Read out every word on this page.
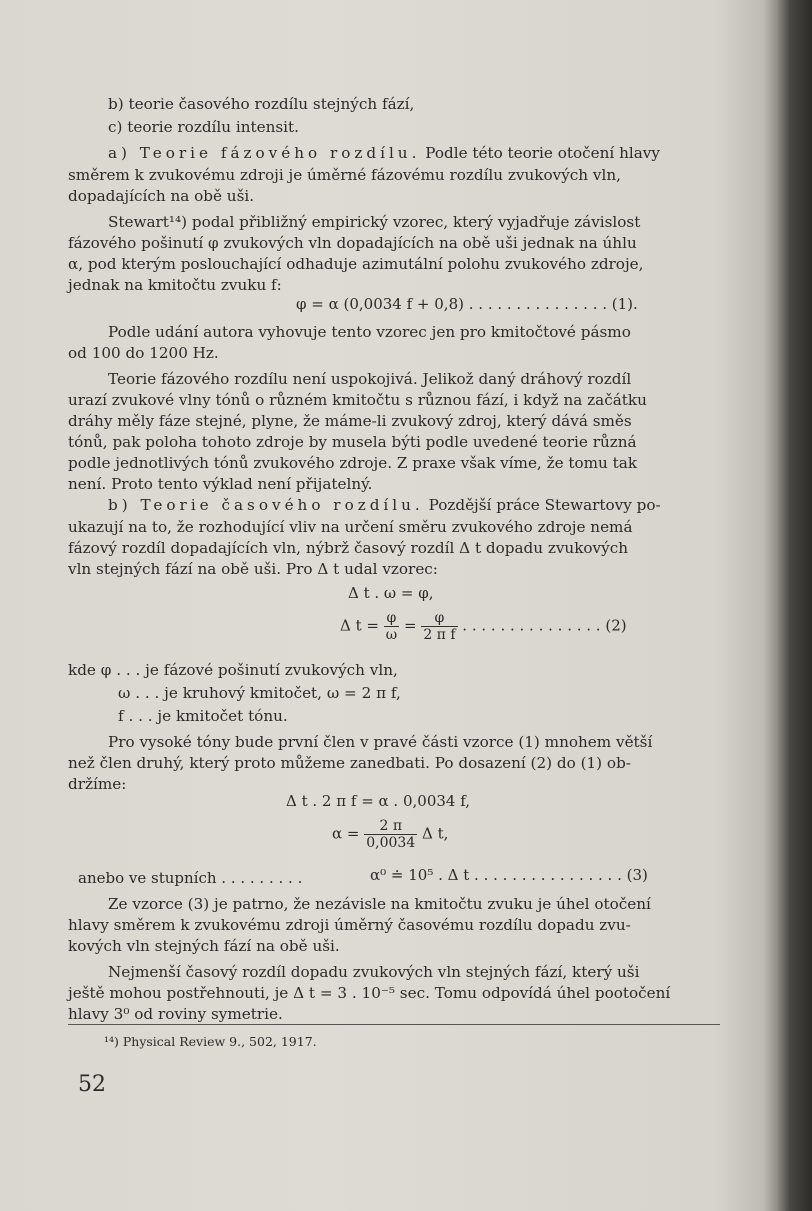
b) teorie časového rozdílu stejných fází,
c) teorie rozdílu intensit.
a) Teorie fázového rozdílu. Podle této teorie otočení hlavy
směrem k zvukovému zdroji je úměrné fázovému rozdílu zvukových vln,
dopadajících na obě uši.
Stewart¹⁴) podal přibližný empirický vzorec, který vyjadřuje závislost
fázového pošinutí φ zvukových vln dopadajících na obě uši jednak na úhlu
α, pod kterým poslouchající odhaduje azimutální polohu zvukového zdroje,
jednak na kmitočtu zvuku f:
φ = α (0,0034 f + 0,8) . . . . . . . . . . . . . . . (1).
Podle udání autora vyhovuje tento vzorec jen pro kmitočtové pásmo
od 100 do 1200 Hz.
Teorie fázového rozdílu není uspokojivá. Jelikož daný dráhový rozdíl
urazí zvukové vlny tónů o různém kmitočtu s různou fází, i když na začátku
dráhy měly fáze stejné, plyne, že máme-li zvukový zdroj, který dává směs
tónů, pak poloha tohoto zdroje by musela býti podle uvedené teorie různá
podle jednotlivých tónů zvukového zdroje. Z praxe však víme, že tomu tak
není. Proto tento výklad není přijatelný.
b) Teorie časového rozdílu. Pozdější práce Stewartovy po-
ukazují na to, že rozhodující vliv na určení směru zvukového zdroje nemá
fázový rozdíl dopadajících vln, nýbrž časový rozdíl Δ t dopadu zvukových
vln stejných fází na obě uši. Pro Δ t udal vzorec:
Δ t . ω = φ,
Δ $t = \frac{\varphi}{\omega} = \frac{\varphi}{\text{2 π f}}$ . . . . . . . . . . . . . . . (2)
kde φ . . . je fázové pošinutí zvukových vln,
ω . . . je kruhový kmitočet, ω = 2 π f,
f . . . je kmitočet tónu.
Pro vysoké tóny bude první člen v pravé části vzorce (1) mnohem větší
než člen druhý, který proto můžeme zanedbati. Po dosazení (2) do (1) ob-
držíme:
Δ t . 2 π f = α . 0,0034 f,
$\alpha = \frac{2 \pi}{0,0034}$ Δ t,
anebo ve stupních . . . . . . . . .	α⁰ ≐ 10⁵ . Δ t . . . . . . . . . . . . . . . . (3)
Ze vzorce (3) je patrno, že nezávisle na kmitočtu zvuku je úhel otočení
hlavy směrem k zvukovému zdroji úměrný časovému rozdílu dopadu zvu-
kových vln stejných fází na obě uši.
Nejmenší časový rozdíl dopadu zvukových vln stejných fází, který uši
ještě mohou postřehnouti, je Δ t = 3 . 10⁻⁵ sec. Tomu odpovídá úhel pootočení
hlavy 3⁰ od roviny symetrie.
¹⁴) Physical Review 9., 502, 1917.
52
